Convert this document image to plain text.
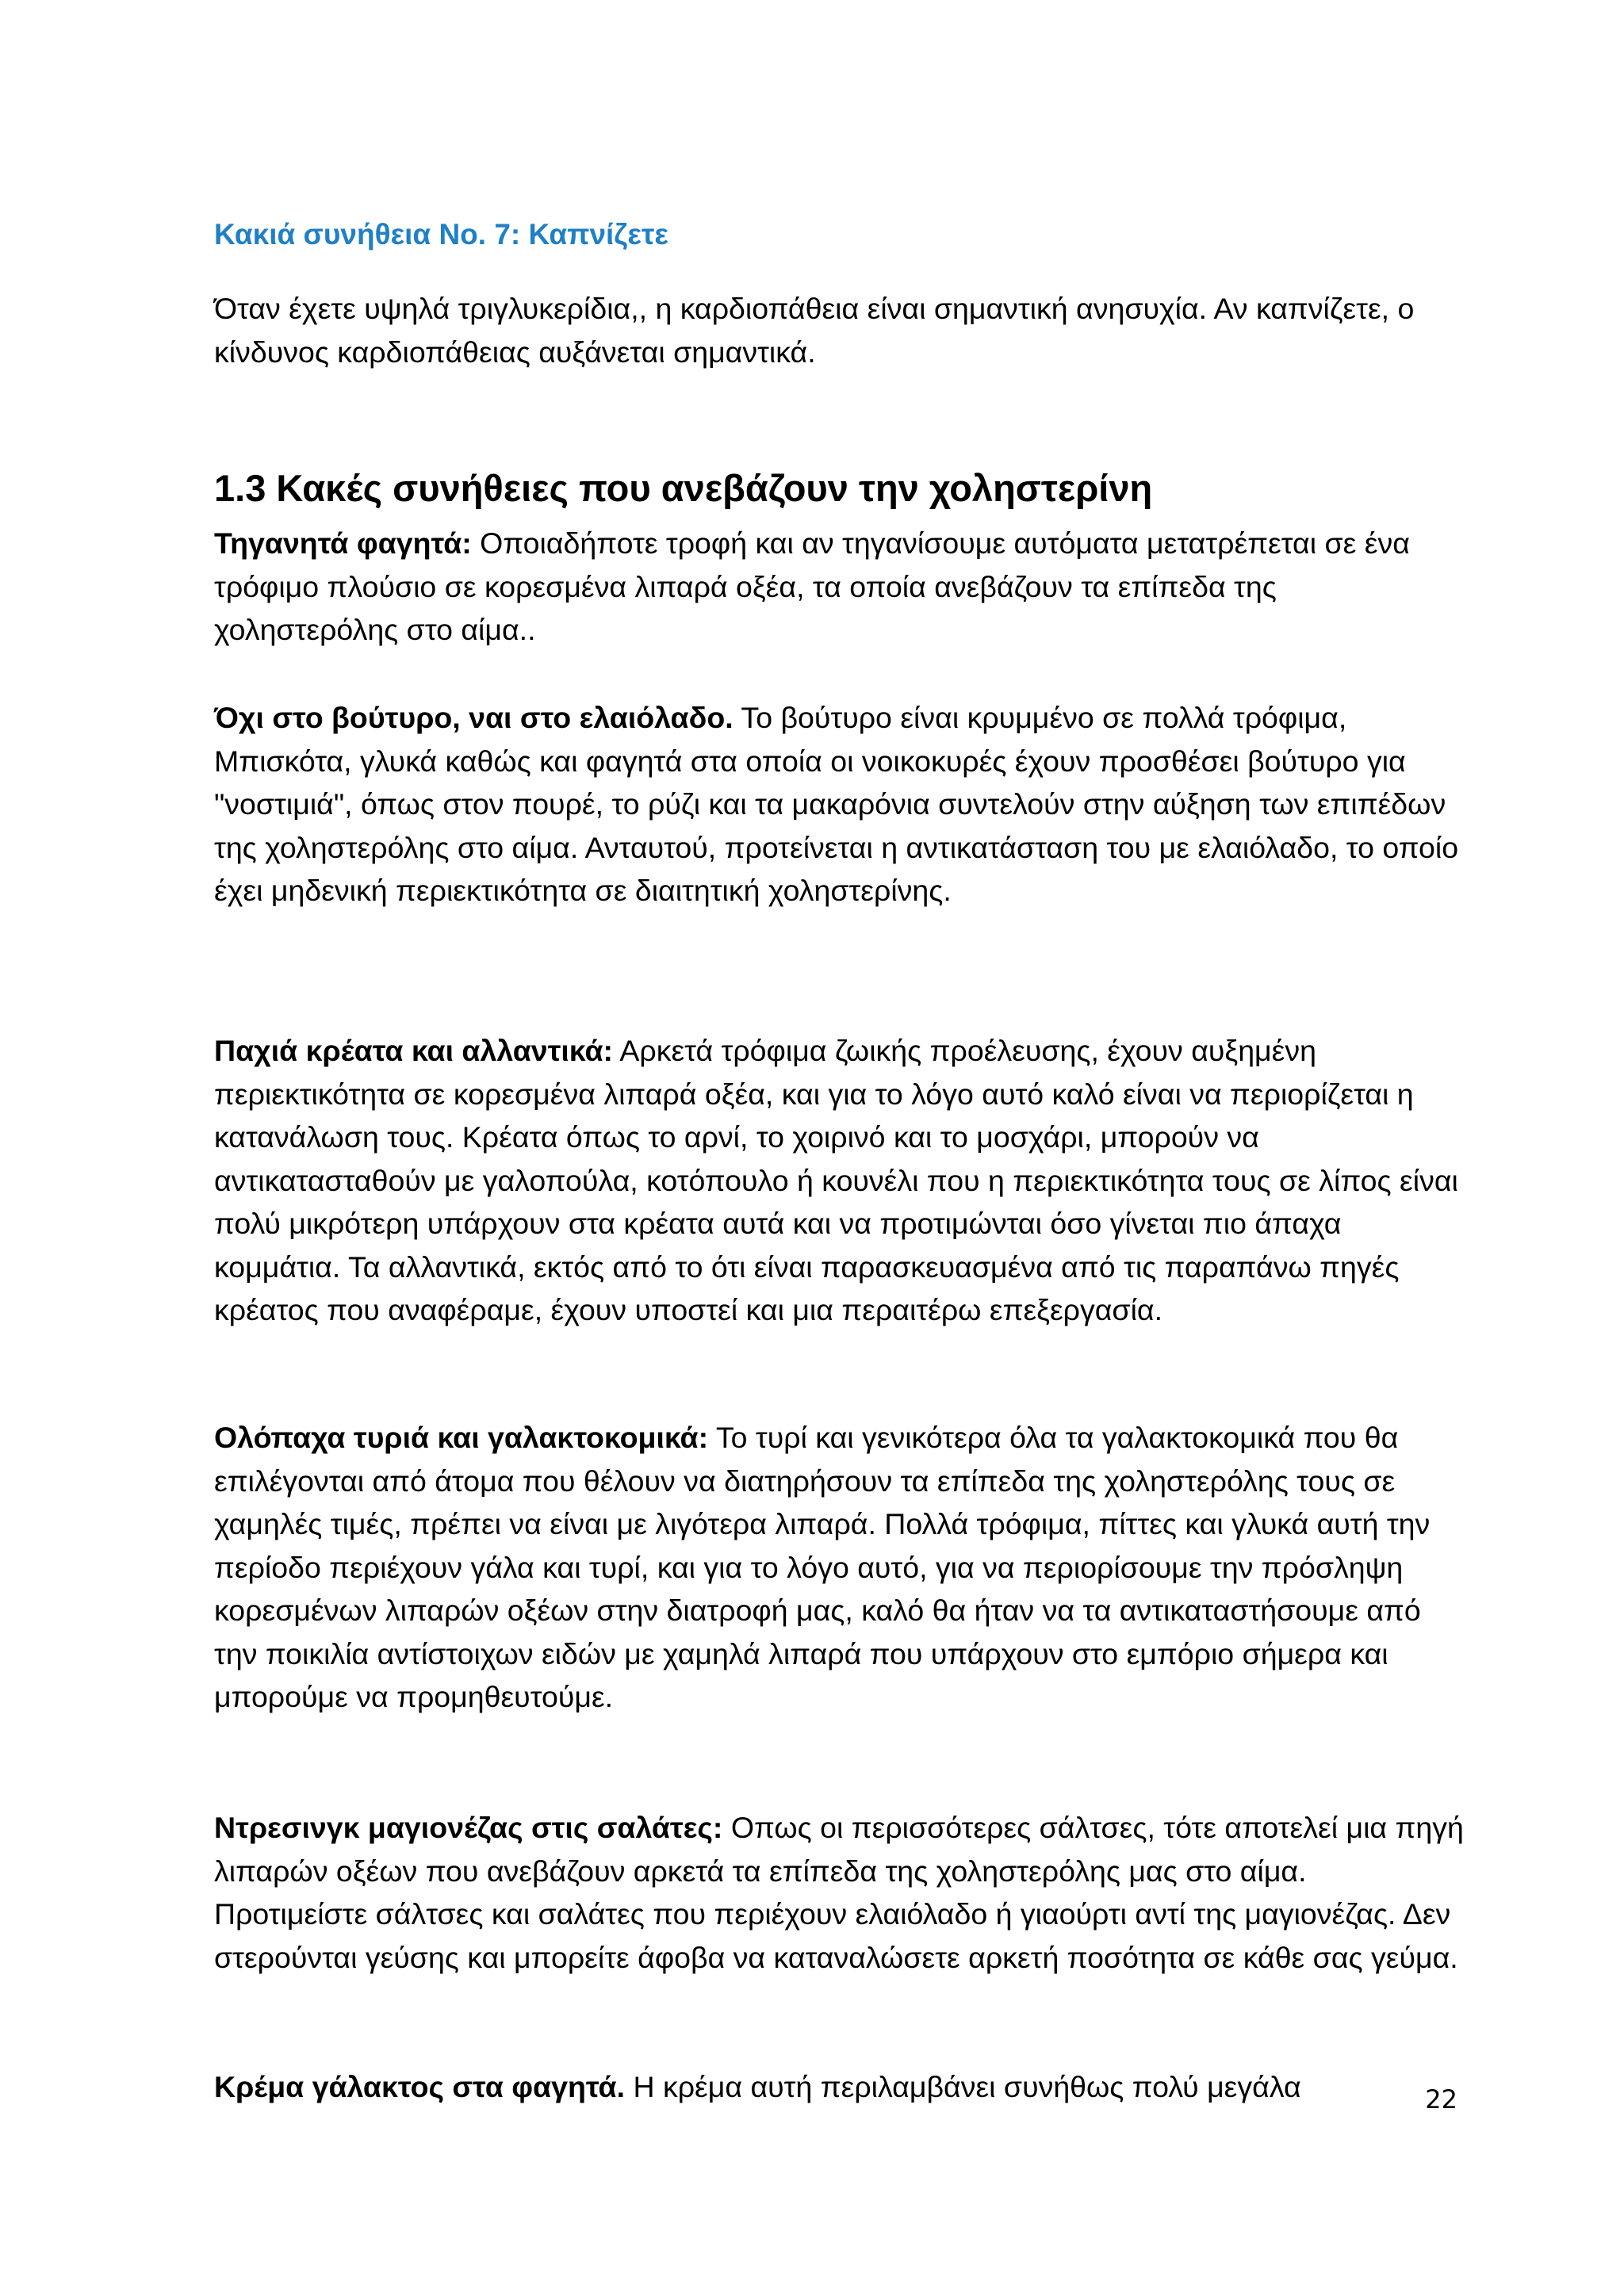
Κακιά συνήθεια No. 7: Καπνίζετε

Όταν έχετε υψηλά τριγλυκερίδια,, η καρδιοπάθεια είναι σημαντική ανησυχία. Αν καπνίζετε, ο κίνδυνος καρδιοπάθειας αυξάνεται σημαντικά.

1.3 Κακές συνήθειες που ανεβάζουν την χοληστερίνη

Τηγανητά φαγητά: Οποιαδήποτε τροφή και αν τηγανίσουμε αυτόματα μετατρέπεται σε ένα τρόφιμο πλούσιο σε κορεσμένα λιπαρά οξέα, τα οποία ανεβάζουν τα επίπεδα της χοληστερόλης στο αίμα..

Όχι στο βούτυρο, ναι στο ελαιόλαδο. Το βούτυρο είναι κρυμμένο σε πολλά τρόφιμα, Μπισκότα, γλυκά καθώς και φαγητά στα οποία οι νοικοκυρές έχουν προσθέσει βούτυρο για "νοστιμιά", όπως στον πουρέ, το ρύζι και τα μακαρόνια συντελούν στην αύξηση των επιπέδων της χοληστερόλης στο αίμα. Ανταυτού, προτείνεται η αντικατάσταση του με ελαιόλαδο, το οποίο έχει μηδενική περιεκτικότητα σε διαιτητική χοληστερίνης.

Παχιά κρέατα και αλλαντικά: Αρκετά τρόφιμα ζωικής προέλευσης, έχουν αυξημένη περιεκτικότητα σε κορεσμένα λιπαρά οξέα, και για το λόγο αυτό καλό είναι να περιορίζεται η κατανάλωση τους. Κρέατα όπως το αρνί, το χοιρινό και το μοσχάρι, μπορούν να αντικατασταθούν με γαλοπούλα, κοτόπουλο ή κουνέλι που η περιεκτικότητα τους σε λίπος είναι πολύ μικρότερη υπάρχουν στα κρέατα αυτά και να προτιμώνται όσο γίνεται πιο άπαχα κομμάτια. Τα αλλαντικά, εκτός από το ότι είναι παρασκευασμένα από τις παραπάνω πηγές κρέατος που αναφέραμε, έχουν υποστεί και μια περαιτέρω επεξεργασία.

Ολόπαχα τυριά και γαλακτοκομικά: Το τυρί και γενικότερα όλα τα γαλακτοκομικά που θα επιλέγονται από άτομα που θέλουν να διατηρήσουν τα επίπεδα της χοληστερόλης τους σε χαμηλές τιμές, πρέπει να είναι με λιγότερα λιπαρά. Πολλά τρόφιμα, πίττες και γλυκά αυτή την περίοδο περιέχουν γάλα και τυρί, και για το λόγο αυτό, για να περιορίσουμε την πρόσληψη κορεσμένων λιπαρών οξέων στην διατροφή μας, καλό θα ήταν να τα αντικαταστήσουμε από την ποικιλία αντίστοιχων ειδών με χαμηλά λιπαρά που υπάρχουν στο εμπόριο σήμερα και μπορούμε να προμηθευτούμε.

Ντρεσινγκ μαγιονέζας στις σαλάτες: Οπως οι περισσότερες σάλτσες, τότε αποτελεί μια πηγή λιπαρών οξέων που ανεβάζουν αρκετά τα επίπεδα της χοληστερόλης μας στο αίμα. Προτιμείστε σάλτσες και σαλάτες που περιέχουν ελαιόλαδο ή γιαούρτι αντί της μαγιονέζας. Δεν στερούνται γεύσης και μπορείτε άφοβα να καταναλώσετε αρκετή ποσότητα σε κάθε σας γεύμα.

Κρέμα γάλακτος στα φαγητά. Η κρέμα αυτή περιλαμβάνει συνήθως πολύ μεγάλα	22
